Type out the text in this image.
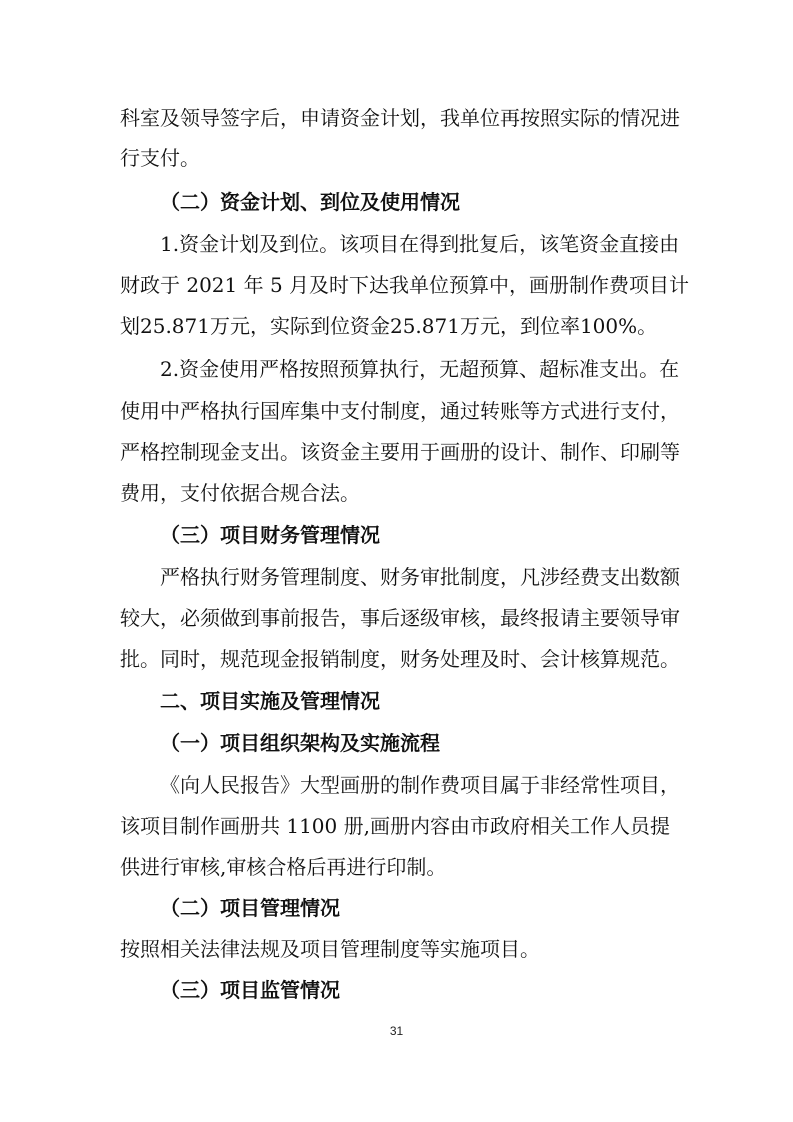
科室及领导签字后，申请资金计划，我单位再按照实际的情况进
行支付。
（二）资金计划、到位及使用情况
1.资金计划及到位。该项目在得到批复后，该笔资金直接由
财政于 2021 年 5 月及时下达我单位预算中，画册制作费项目计
划25.871万元，实际到位资金25.871万元，到位率100%。
2.资金使用严格按照预算执行，无超预算、超标准支出。在
使用中严格执行国库集中支付制度，通过转账等方式进行支付，
严格控制现金支出。该资金主要用于画册的设计、制作、印刷等
费用，支付依据合规合法。
（三）项目财务管理情况
严格执行财务管理制度、财务审批制度，凡涉经费支出数额
较大，必须做到事前报告，事后逐级审核，最终报请主要领导审
批。同时，规范现金报销制度，财务处理及时、会计核算规范。
二、项目实施及管理情况
（一）项目组织架构及实施流程
《向人民报告》大型画册的制作费项目属于非经常性项目，
该项目制作画册共 1100 册,画册内容由市政府相关工作人员提
供进行审核,审核合格后再进行印制。
（二）项目管理情况
按照相关法律法规及项目管理制度等实施项目。
（三）项目监管情况
31
